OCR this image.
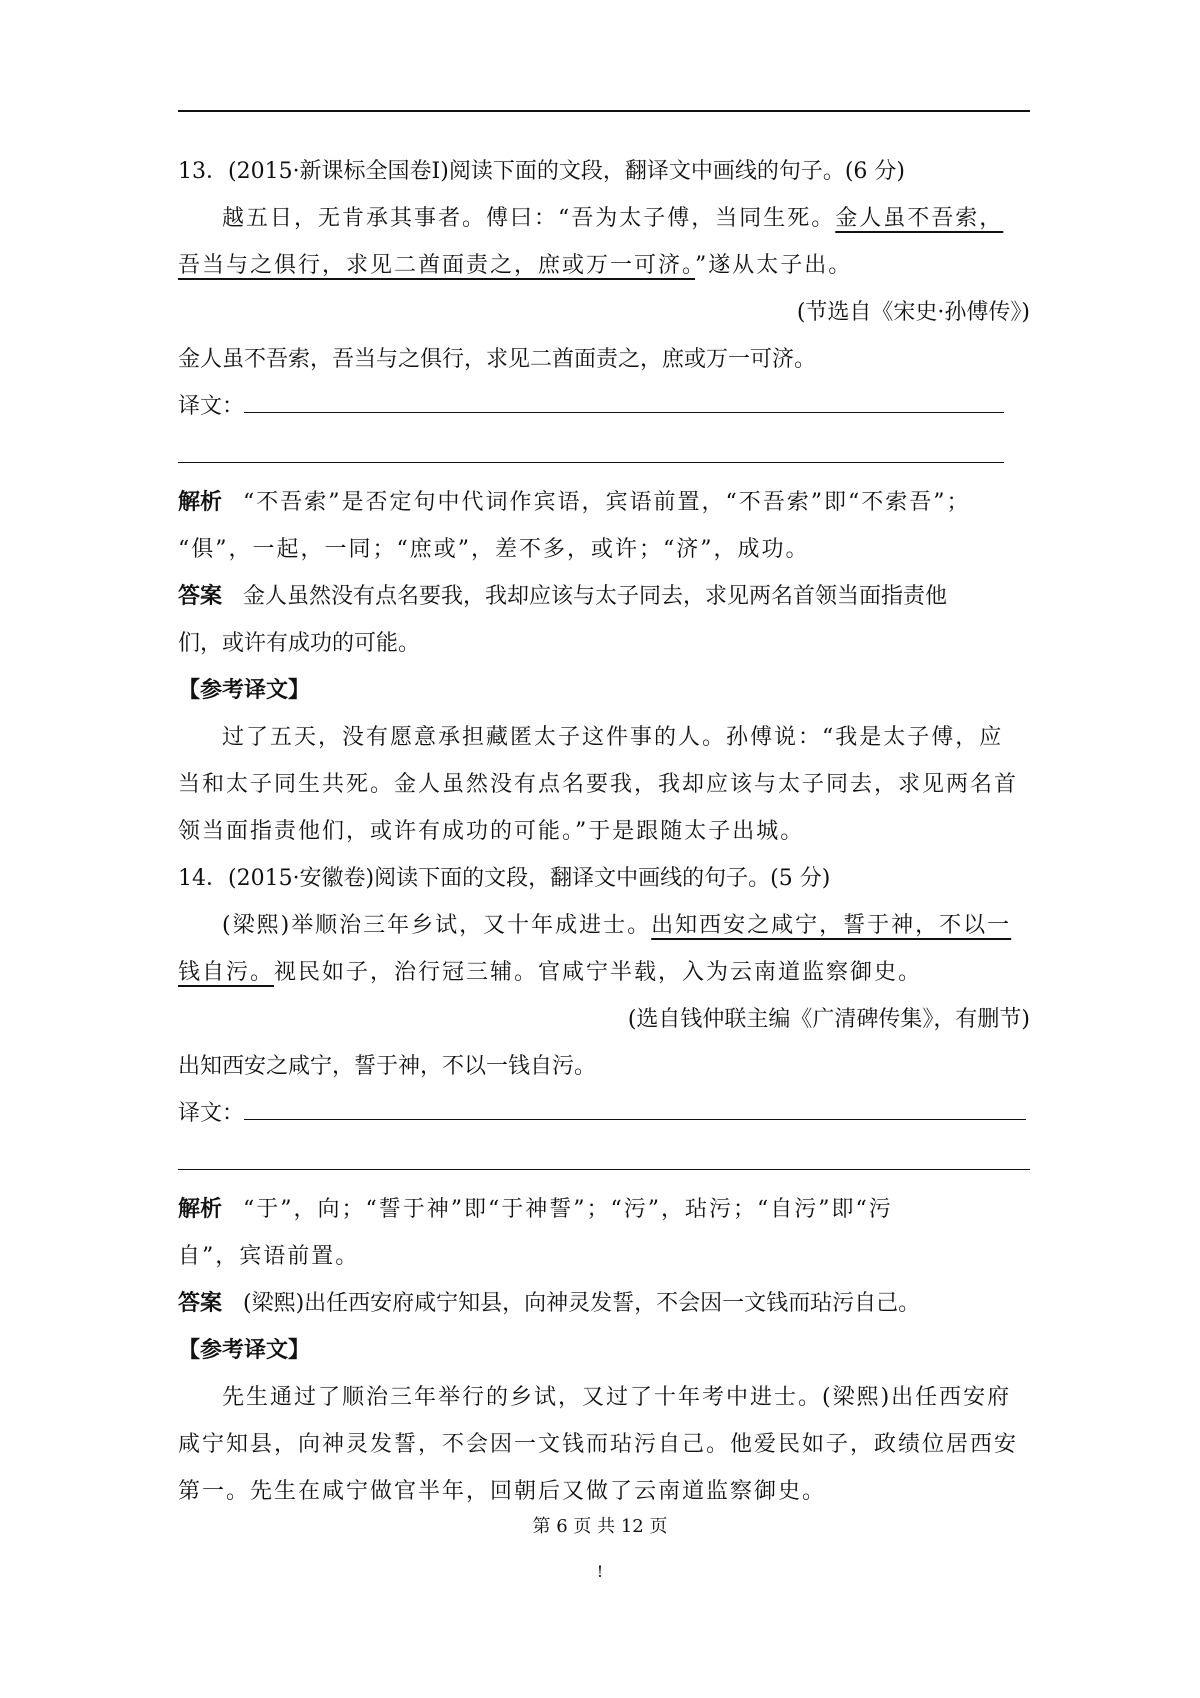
13．(2015·新课标全国卷Ⅰ)阅读下面的文段，翻译文中画线的句子。(6 分)
越五日，无肯承其事者。傅曰：“吾为太子傅，当同生死。金人虽不吾索，
吾当与之俱行，求见二酋面责之，庶或万一可济。”遂从太子出。
(节选自《宋史·孙傅传》)
金人虽不吾索，吾当与之俱行，求见二酋面责之，庶或万一可济。
译文：
解析 “不吾索”是否定句中代词作宾语，宾语前置，“不吾索”即“不索吾”；
“俱”，一起，一同；“庶或”，差不多，或许；“济”，成功。
答案 金人虽然没有点名要我，我却应该与太子同去，求见两名首领当面指责他
们，或许有成功的可能。
【参考译文】
过了五天，没有愿意承担藏匿太子这件事的人。孙傅说：“我是太子傅，应
当和太子同生共死。金人虽然没有点名要我，我却应该与太子同去，求见两名首
领当面指责他们，或许有成功的可能。”于是跟随太子出城。
14．(2015·安徽卷)阅读下面的文段，翻译文中画线的句子。(5 分)
(梁熙)举顺治三年乡试，又十年成进士。出知西安之咸宁，誓于神，不以一
钱自污。视民如子，治行冠三辅。官咸宁半载，入为云南道监察御史。
(选自钱仲联主编《广清碑传集》，有删节)
出知西安之咸宁，誓于神，不以一钱自污。
译文：
解析 “于”，向；“誓于神”即“于神誓”；“污”，玷污；“自污”即“污
自”，宾语前置。
答案 (梁熙)出任西安府咸宁知县，向神灵发誓，不会因一文钱而玷污自己。
【参考译文】
先生通过了顺治三年举行的乡试，又过了十年考中进士。(梁熙)出任西安府
咸宁知县，向神灵发誓，不会因一文钱而玷污自己。他爱民如子，政绩位居西安
第一。先生在咸宁做官半年，回朝后又做了云南道监察御史。
第 6 页 共 12 页
!
